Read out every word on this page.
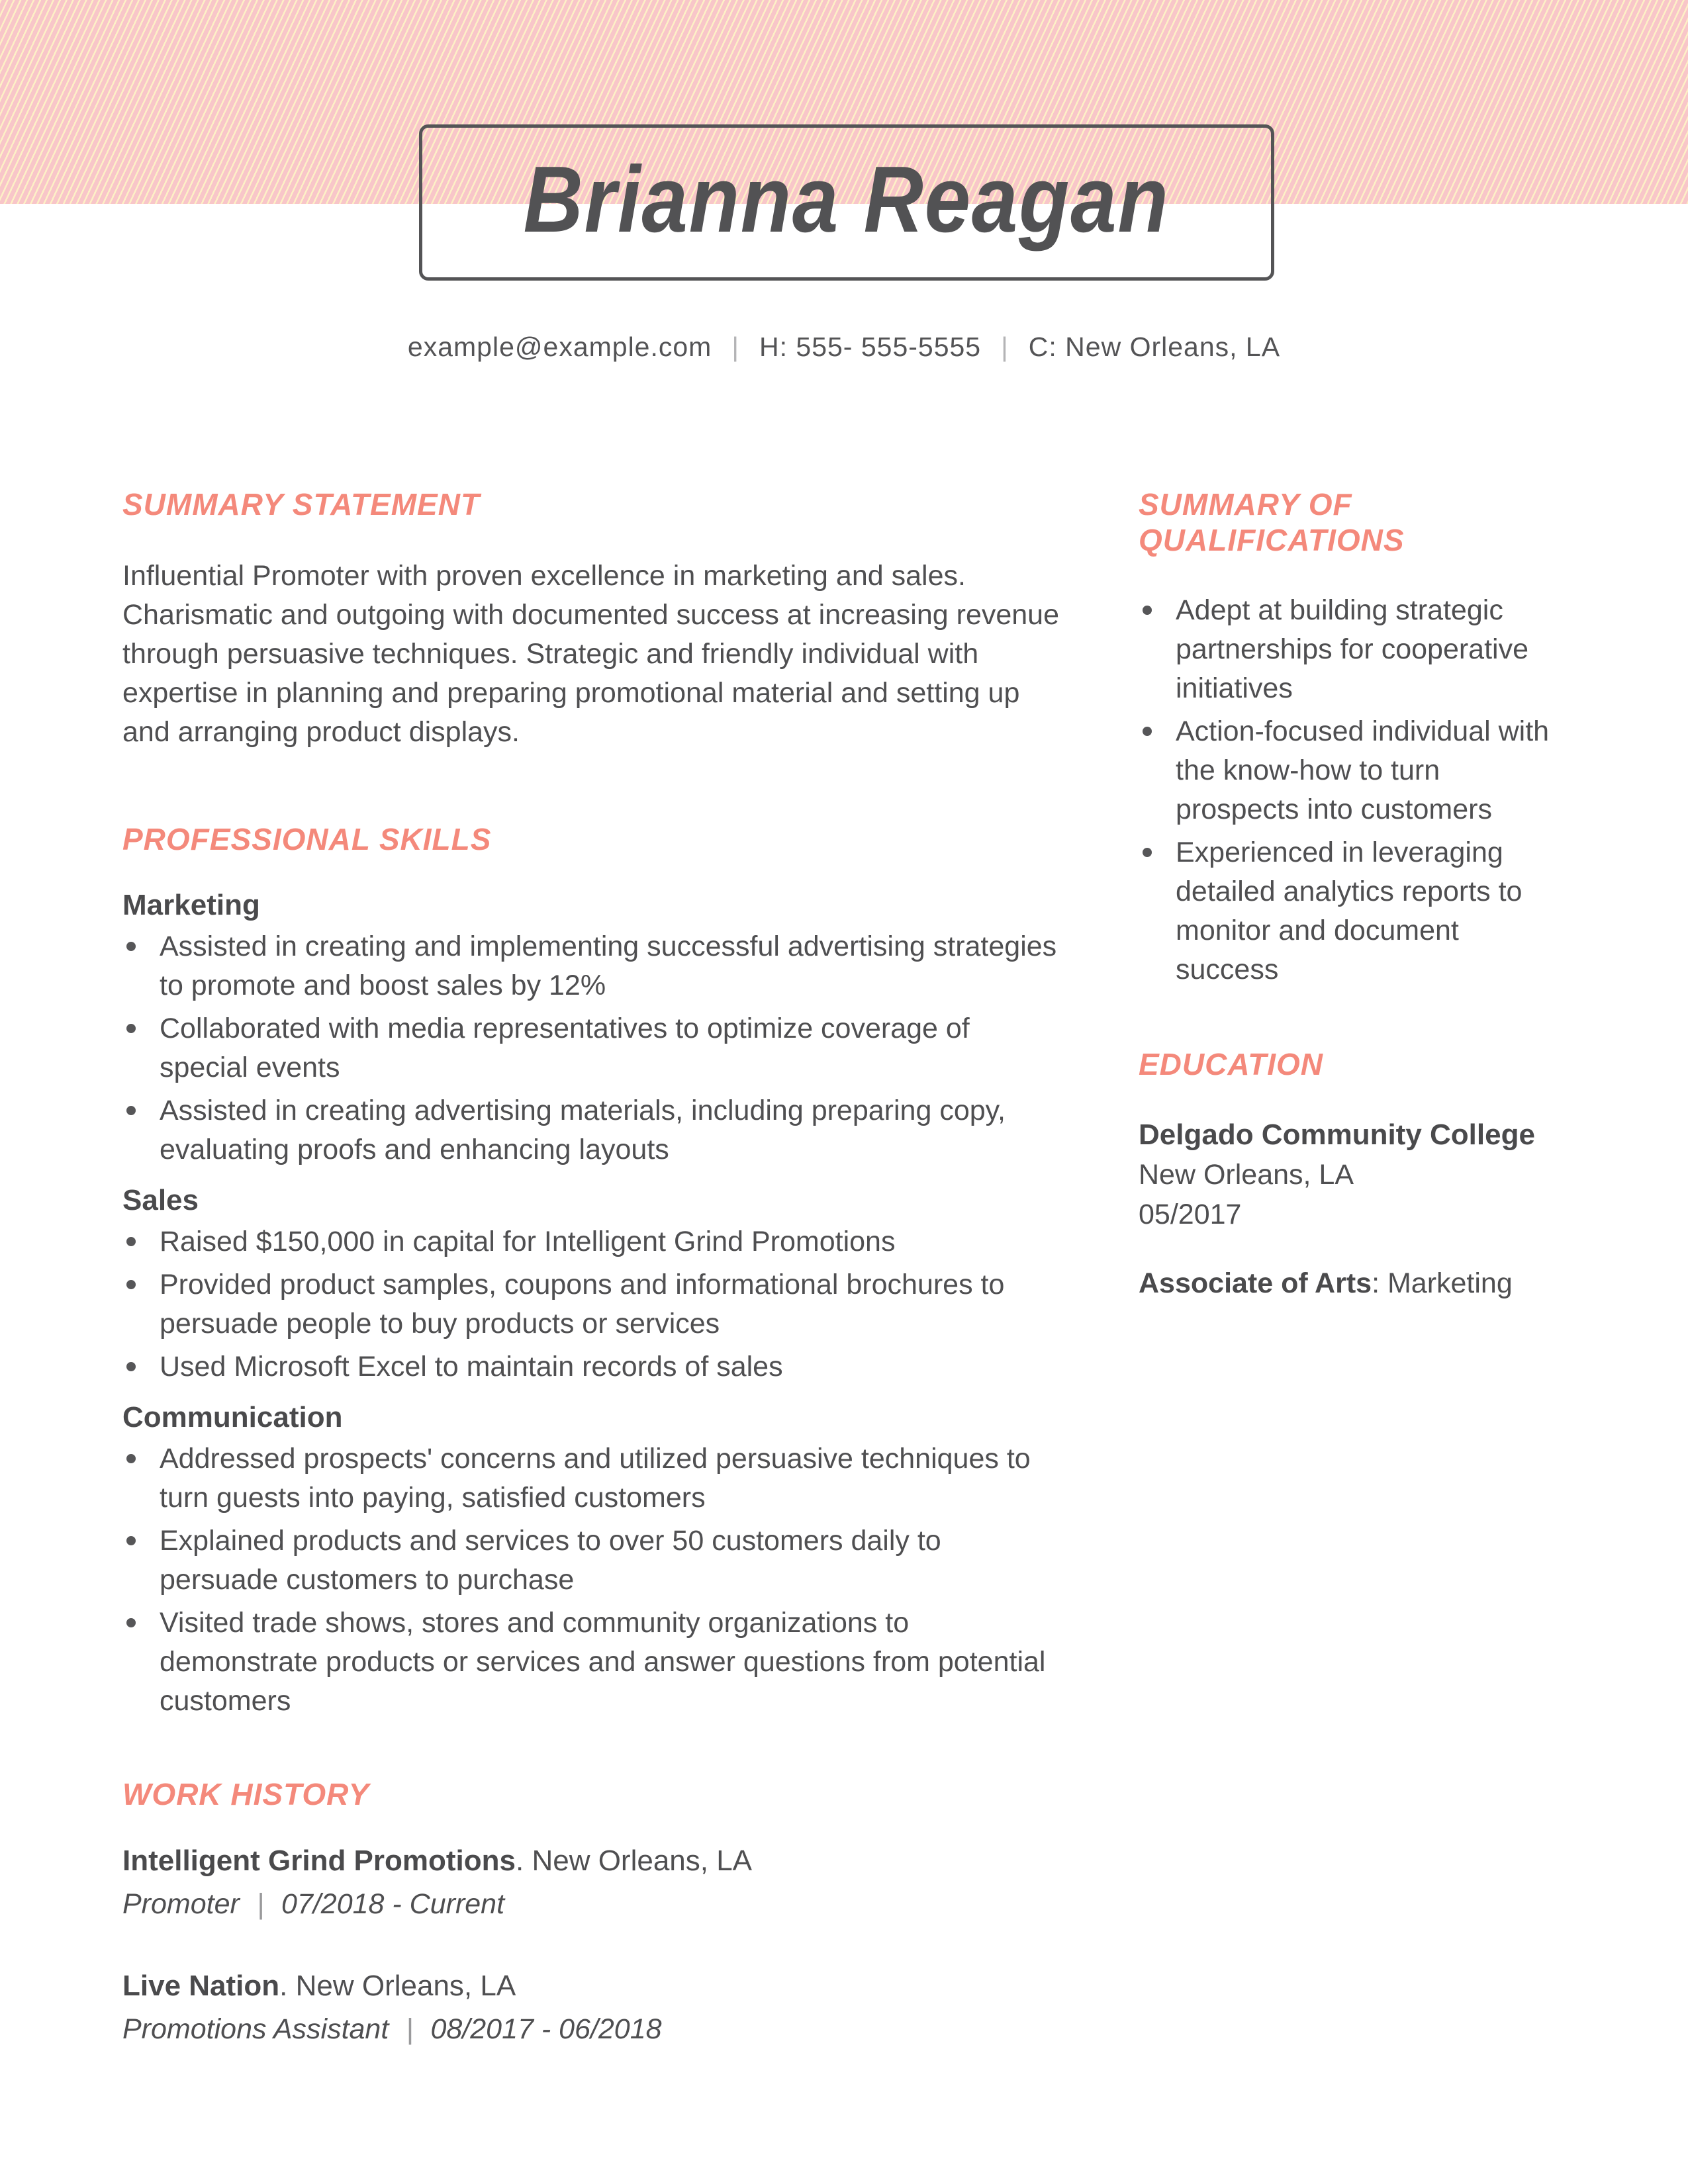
Brianna Reagan
example@example.com | H: 555- 555-5555 | C: New Orleans, LA
SUMMARY STATEMENT

Influential Promoter with proven excellence in marketing and sales. Charismatic and outgoing with documented success at increasing revenue through persuasive techniques. Strategic and friendly individual with expertise in planning and preparing promotional material and setting up and arranging product displays.

PROFESSIONAL SKILLS
Marketing
Assisted in creating and implementing successful advertising strategies to promote and boost sales by 12%
Collaborated with media representatives to optimize coverage of special events
Assisted in creating advertising materials, including preparing copy, evaluating proofs and enhancing layouts
Sales
Raised $150,000 in capital for Intelligent Grind Promotions
Provided product samples, coupons and informational brochures to persuade people to buy products or services
Used Microsoft Excel to maintain records of sales
Communication
Addressed prospects' concerns and utilized persuasive techniques to turn guests into paying, satisfied customers
Explained products and services to over 50 customers daily to persuade customers to purchase
Visited trade shows, stores and community organizations to demonstrate products or services and answer questions from potential customers
WORK HISTORY
Intelligent Grind Promotions. New Orleans, LA
Promoter | 07/2018 - Current
Live Nation. New Orleans, LA
Promotions Assistant | 08/2017 - 06/2018
SUMMARY OF QUALIFICATIONS
Adept at building strategic partnerships for cooperative initiatives
Action-focused individual with the know-how to turn prospects into customers
Experienced in leveraging detailed analytics reports to monitor and document success
EDUCATION
Delgado Community College
New Orleans, LA
05/2017
Associate of Arts: Marketing
